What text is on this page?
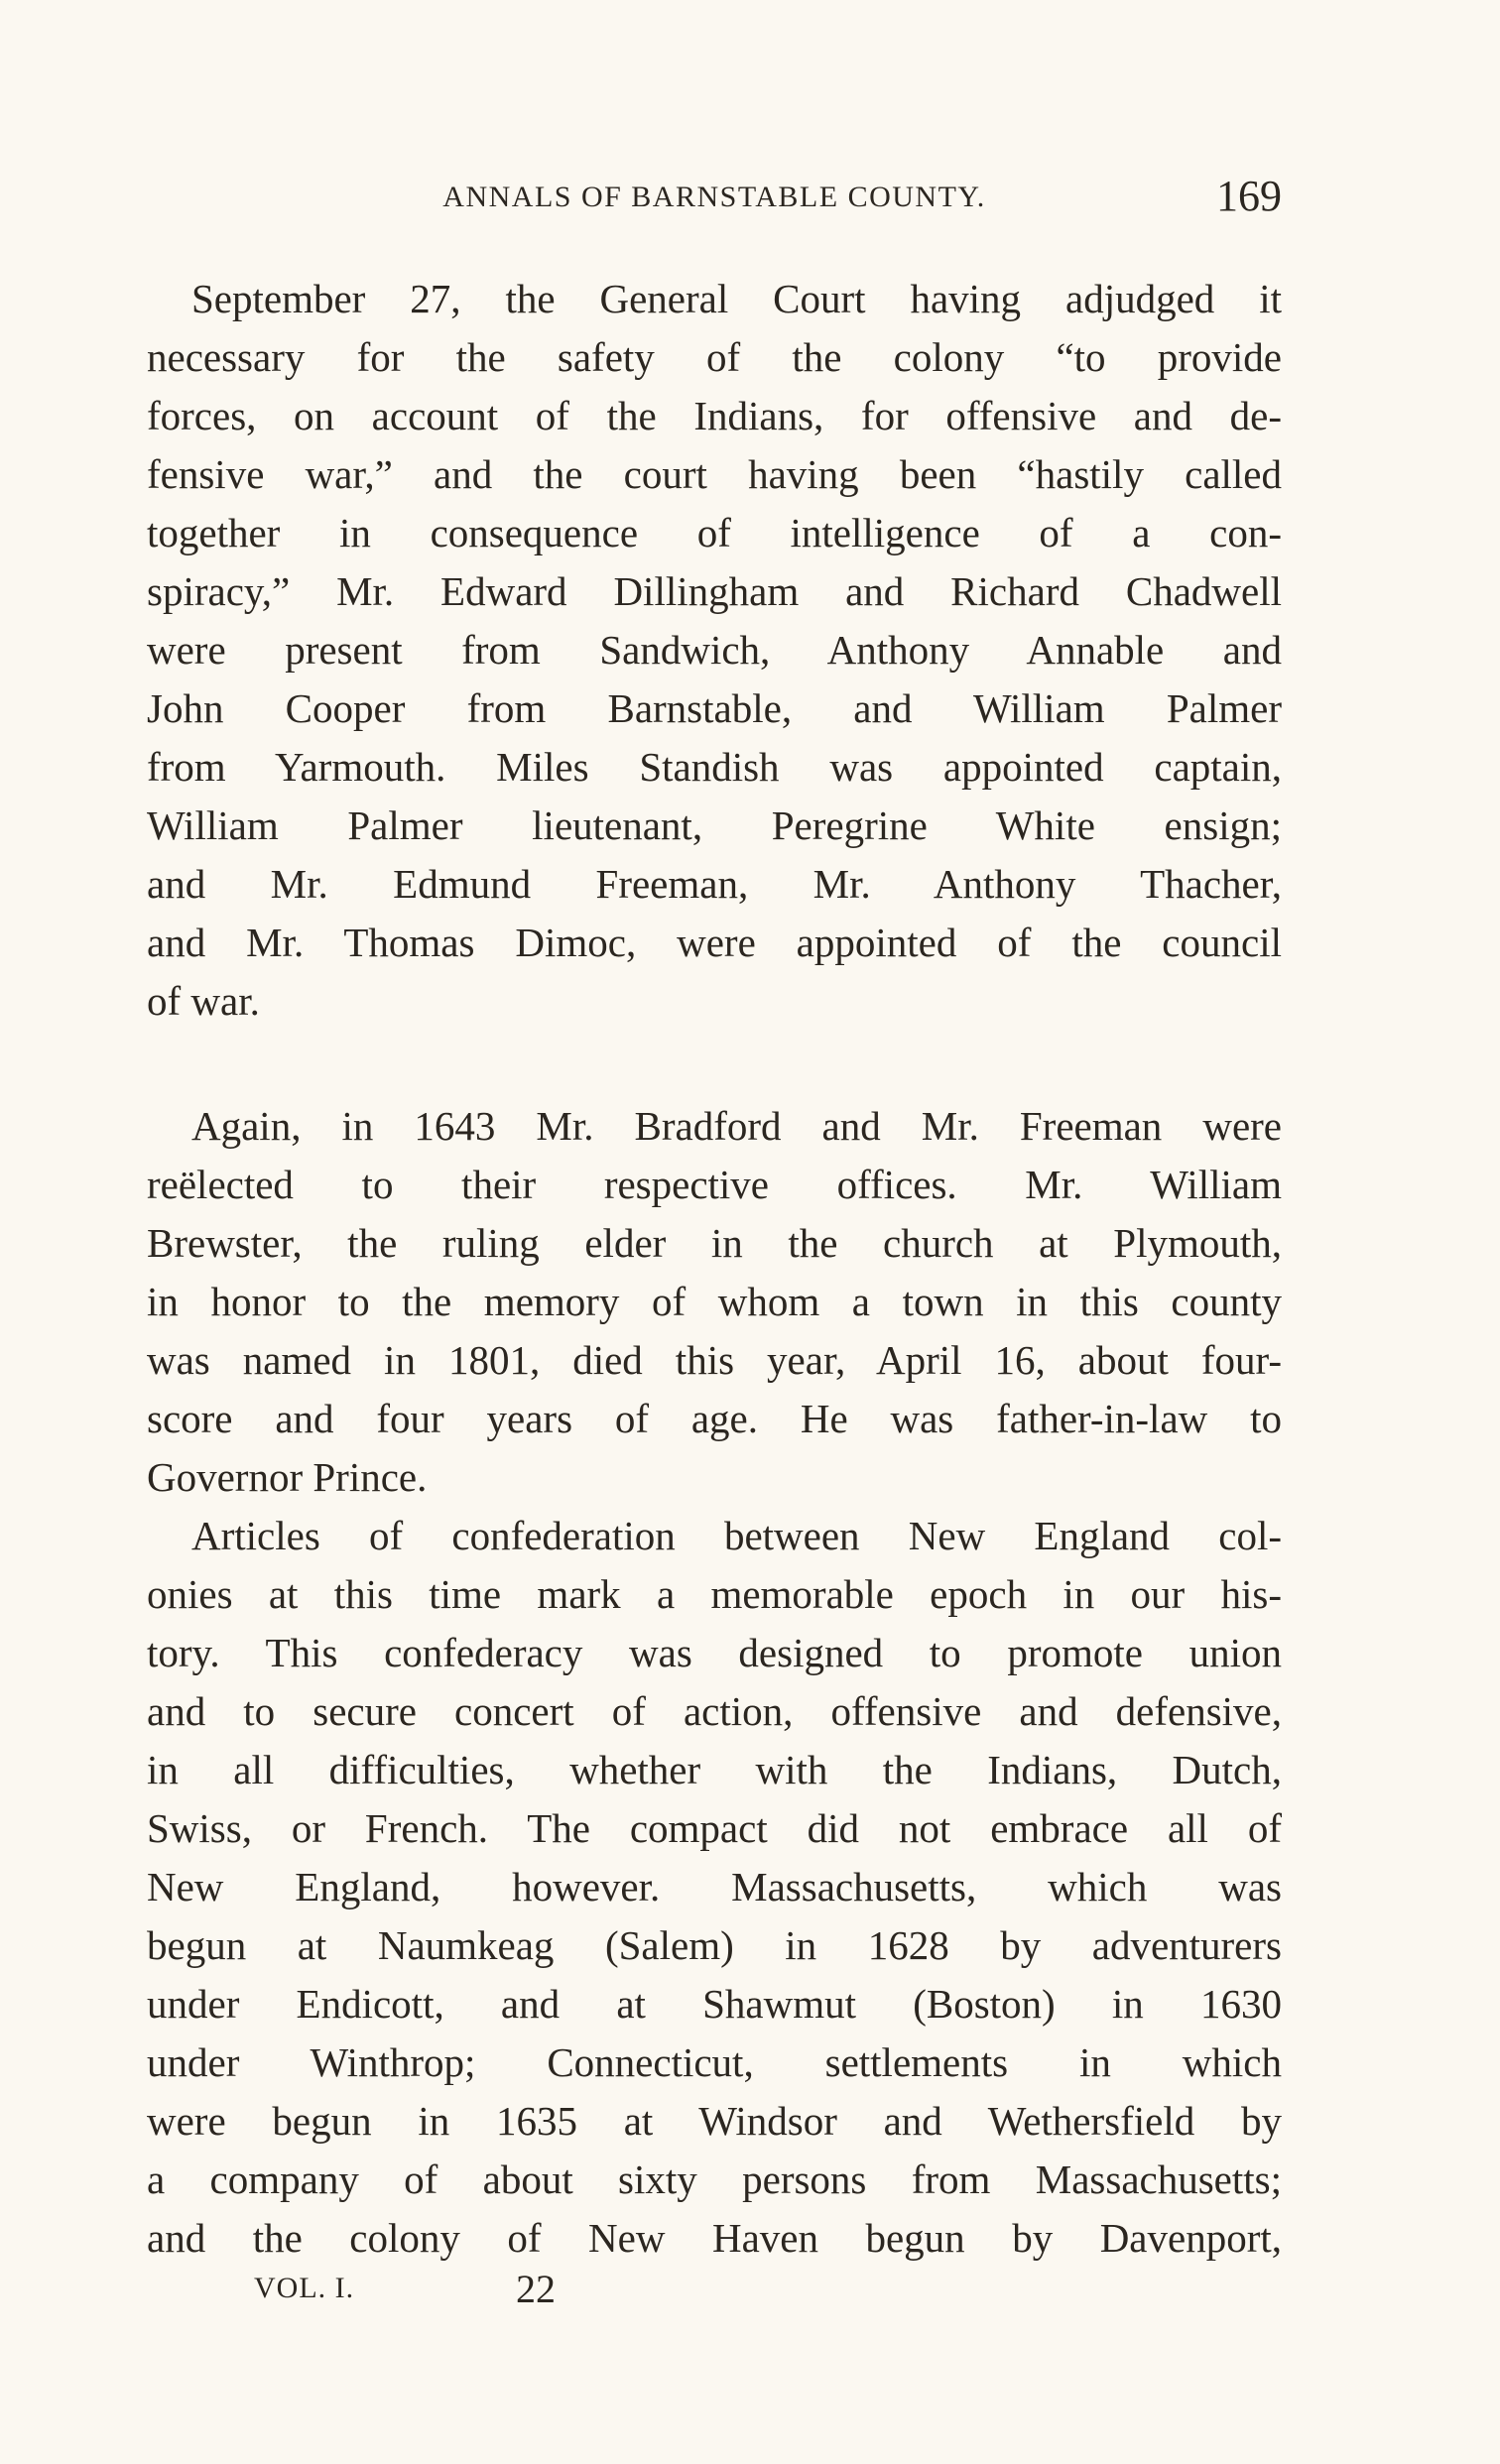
ANNALS OF BARNSTABLE COUNTY.	169
September 27, the General Court having adjudged it
necessary for the safety of the colony “to provide
forces, on account of the Indians, for offensive and de-
fensive war,” and the court having been “hastily called
together in consequence of intelligence of a con-
spiracy,” Mr. Edward Dillingham and Richard Chadwell
were present from Sandwich, Anthony Annable and
John Cooper from Barnstable, and William Palmer
from Yarmouth. Miles Standish was appointed captain,
William Palmer lieutenant, Peregrine White ensign;
and Mr. Edmund Freeman, Mr. Anthony Thacher,
and Mr. Thomas Dimoc, were appointed of the council
of war.
Again, in 1643 Mr. Bradford and Mr. Freeman were
reëlected to their respective offices. Mr. William
Brewster, the ruling elder in the church at Plymouth,
in honor to the memory of whom a town in this county
was named in 1801, died this year, April 16, about four-
score and four years of age. He was father-in-law to
Governor Prince.
Articles of confederation between New England col-
onies at this time mark a memorable epoch in our his-
tory. This confederacy was designed to promote union
and to secure concert of action, offensive and defensive,
in all difficulties, whether with the Indians, Dutch,
Swiss, or French. The compact did not embrace all of
New England, however. Massachusetts, which was
begun at Naumkeag (Salem) in 1628 by adventurers
under Endicott, and at Shawmut (Boston) in 1630
under Winthrop; Connecticut, settlements in which
were begun in 1635 at Windsor and Wethersfield by
a company of about sixty persons from Massachusetts;
and the colony of New Haven begun by Davenport,
VOL. I.	22
